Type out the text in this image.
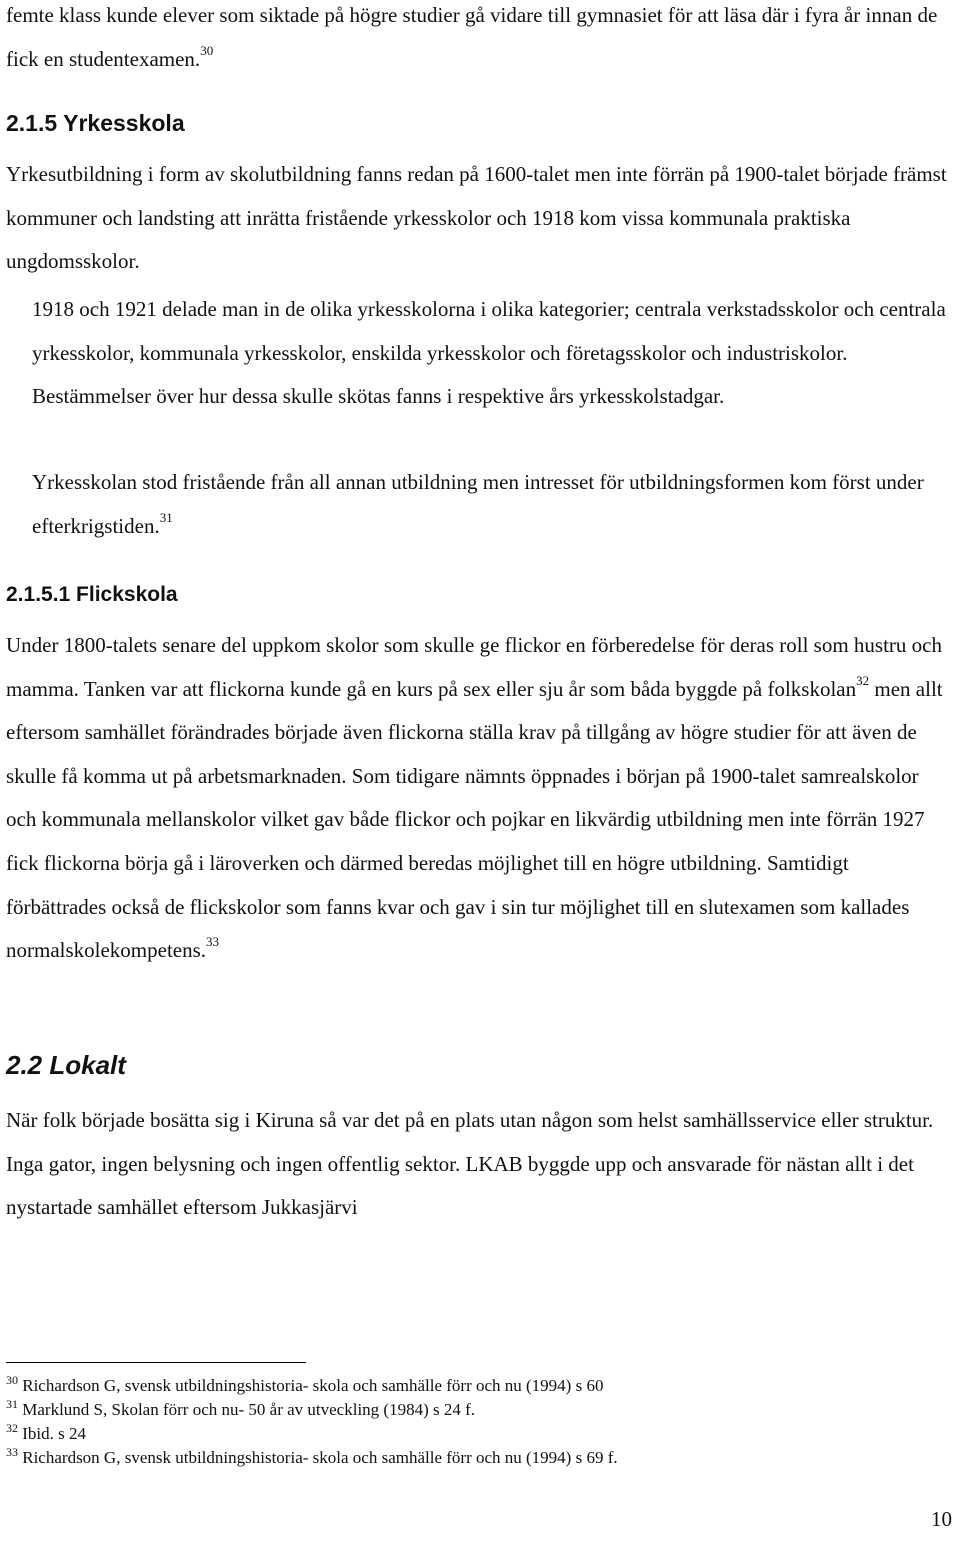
femte klass kunde elever som siktade på högre studier gå vidare till gymnasiet för att läsa där i fyra år innan de fick en studentexamen.$^{30}$

2.1.5 Yrkesskola

Yrkesutbildning i form av skolutbildning fanns redan på 1600-talet men inte förrän på 1900-talet började främst kommuner och landsting att inrätta fristående yrkesskolor och 1918 kom vissa kommunala praktiska ungdomsskolor.

1918 och 1921 delade man in de olika yrkesskolorna i olika kategorier; centrala verkstadsskolor och centrala yrkesskolor, kommunala yrkesskolor, enskilda yrkesskolor och företagsskolor och industriskolor. Bestämmelser över hur dessa skulle skötas fanns i respektive års yrkesskolstadgar.

Yrkesskolan stod fristående från all annan utbildning men intresset för utbildningsformen kom först under efterkrigstiden.$^{31}$

2.1.5.1 Flickskola

Under 1800-talets senare del uppkom skolor som skulle ge flickor en förberedelse för deras roll som hustru och mamma. Tanken var att flickorna kunde gå en kurs på sex eller sju år som båda byggde på folkskolan$^{32}$ men allt eftersom samhället förändrades började även flickorna ställa krav på tillgång av högre studier för att även de skulle få komma ut på arbetsmarknaden. Som tidigare nämnts öppnades i början på 1900-talet samrealskolor och kommunala mellanskolor vilket gav både flickor och pojkar en likvärdig utbildning men inte förrän 1927 fick flickorna börja gå i läroverken och därmed beredas möjlighet till en högre utbildning. Samtidigt förbättrades också de flickskolor som fanns kvar och gav i sin tur möjlighet till en slutexamen som kallades normalskolekompetens.$^{33}$

2.2 Lokalt

När folk började bosätta sig i Kiruna så var det på en plats utan någon som helst samhällsservice eller struktur. Inga gator, ingen belysning och ingen offentlig sektor. LKAB byggde upp och ansvarade för nästan allt i det nystartade samhället eftersom Jukkasjärvi

$^{30}$ Richardson G, svensk utbildningshistoria- skola och samhälle förr och nu (1994) s 60
$^{31}$ Marklund S, Skolan förr och nu- 50 år av utveckling (1984) s 24 f.
$^{32}$ Ibid. s 24
$^{33}$ Richardson G, svensk utbildningshistoria- skola och samhälle förr och nu (1994) s 69 f.
10
